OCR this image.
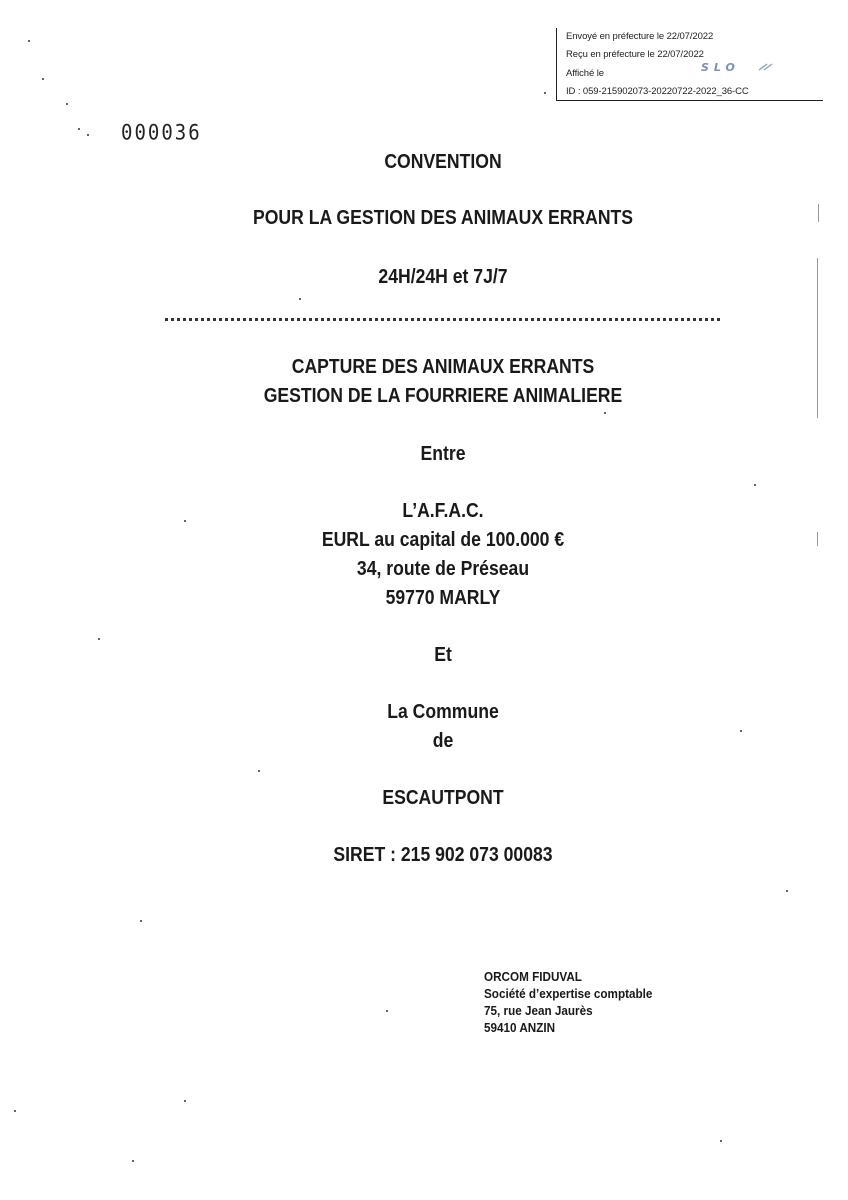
Envoyé en préfecture le 22/07/2022
Reçu en préfecture le 22/07/2022
Affiché le	SLO
ID : 059-215902073-20220722-2022_36-CC
000036
CONVENTION
POUR LA GESTION DES ANIMAUX ERRANTS
24H/24H et 7J/7
CAPTURE DES ANIMAUX ERRANTS
GESTION DE LA FOURRIERE ANIMALIERE
Entre
L’A.F.A.C.
EURL au capital de 100.000 €
34, route de Préseau
59770 MARLY
Et
La Commune
de
ESCAUTPONT
SIRET : 215 902 073 00083
ORCOM FIDUVAL
Société d’expertise comptable
75, rue Jean Jaurès
59410 ANZIN
